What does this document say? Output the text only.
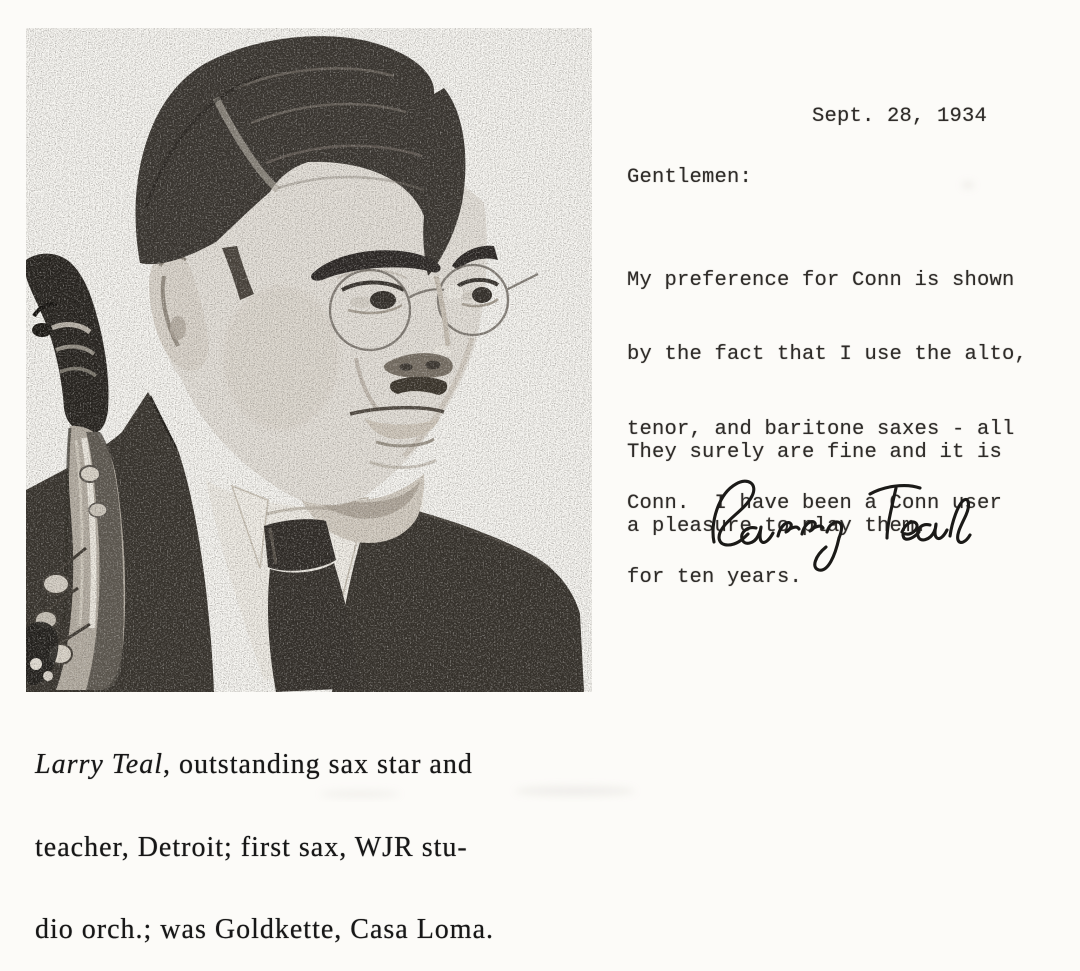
Larry Teal, outstanding sax star and

teacher, Detroit; first sax, WJR stu-

dio orch.; was Goldkette, Casa Loma.

Sept. 28, 1934
Gentlemen:

My preference for Conn is shown

by the fact that I use the alto,

tenor, and baritone saxes - all

Conn.  I have been a Conn user

for ten years.

They surely are fine and it is

a pleasure to play them.
